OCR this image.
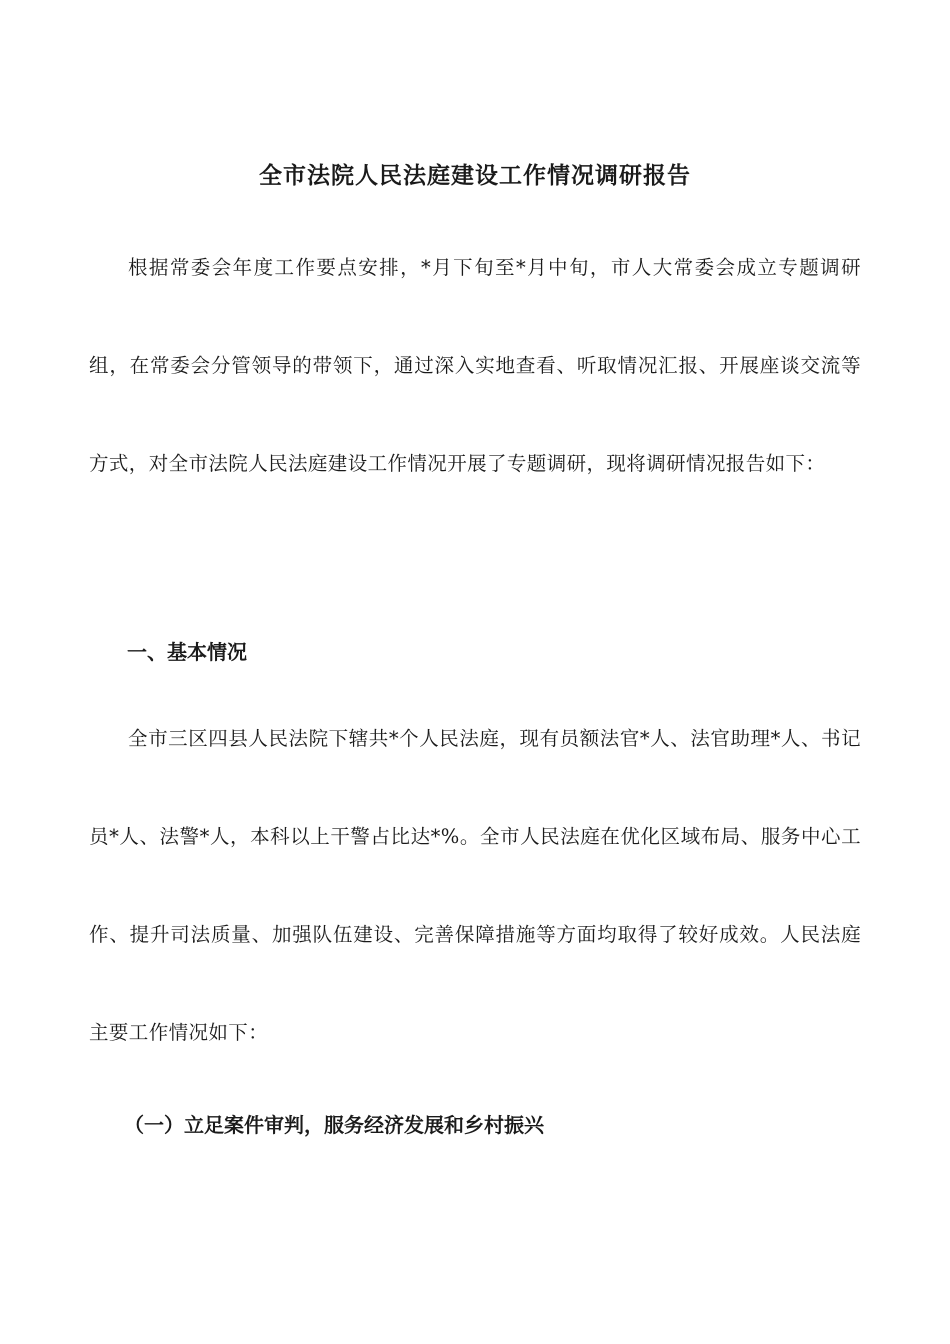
全市法院人民法庭建设工作情况调研报告

根据常委会年度工作要点安排，*月下旬至*月中旬，市人大常委会成立专题调研组，在常委会分管领导的带领下，通过深入实地查看、听取情况汇报、开展座谈交流等方式，对全市法院人民法庭建设工作情况开展了专题调研，现将调研情况报告如下：

一、基本情况

全市三区四县人民法院下辖共*个人民法庭，现有员额法官*人、法官助理*人、书记员*人、法警*人，本科以上干警占比达*%。全市人民法庭在优化区域布局、服务中心工作、提升司法质量、加强队伍建设、完善保障措施等方面均取得了较好成效。人民法庭主要工作情况如下：

（一）立足案件审判，服务经济发展和乡村振兴
